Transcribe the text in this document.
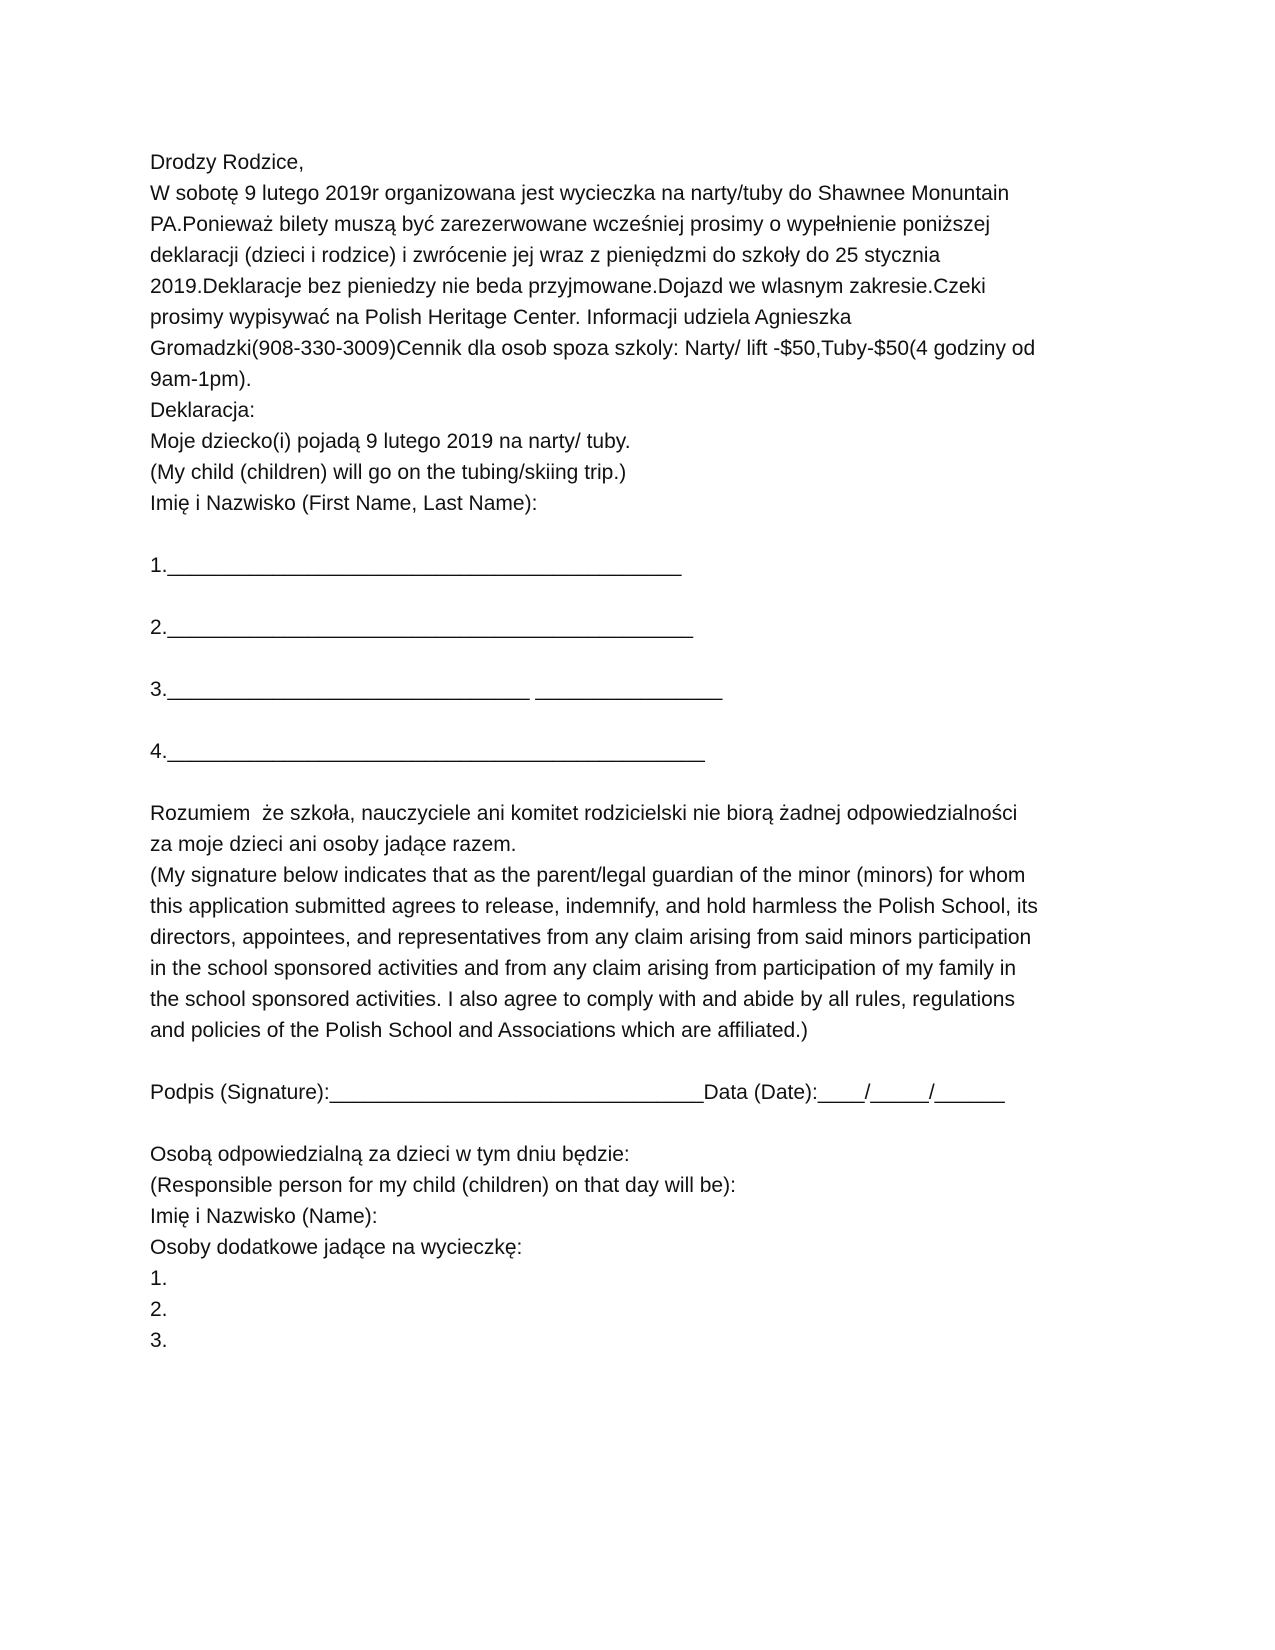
Drodzy Rodzice,

W sobotę 9 lutego 2019r organizowana jest wycieczka na narty/tuby do Shawnee Monuntain

PA.Ponieważ bilety muszą być zarezerwowane wcześniej prosimy o wypełnienie poniższej

deklaracji (dzieci i rodzice) i zwrócenie jej wraz z pieniędzmi do szkoły do 25 stycznia

2019.Deklaracje bez pieniedzy nie beda przyjmowane.Dojazd we wlasnym zakresie.Czeki

prosimy wypisywać na Polish Heritage Center. Informacji udziela Agnieszka

Gromadzki(908-330-3009)Cennik dla osob spoza szkoly: Narty/ lift -$50,Tuby-$50(4 godziny od

9am-1pm).

Deklaracja:

Moje dziecko(i) pojadą 9 lutego 2019 na narty/ tuby.

(My child (children) will go on the tubing/skiing trip.)

Imię i Nazwisko (First Name, Last Name):

1.____________________________________________

2._____________________________________________

3._______________________________ ________________

4.______________________________________________

Rozumiem  że szkoła, nauczyciele ani komitet rodzicielski nie biorą żadnej odpowiedzialności

za moje dzieci ani osoby jadące razem.

(My signature below indicates that as the parent/legal guardian of the minor (minors) for whom

this application submitted agrees to release, indemnify, and hold harmless the Polish School, its

directors, appointees, and representatives from any claim arising from said minors participation

in the school sponsored activities and from any claim arising from participation of my family in

the school sponsored activities. I also agree to comply with and abide by all rules, regulations

and policies of the Polish School and Associations which are affiliated.)

Podpis (Signature):________________________________Data (Date):____/_____/______

Osobą odpowiedzialną za dzieci w tym dniu będzie:

(Responsible person for my child (children) on that day will be):

Imię i Nazwisko (Name):

Osoby dodatkowe jadące na wycieczkę:

1.

2.

3.
